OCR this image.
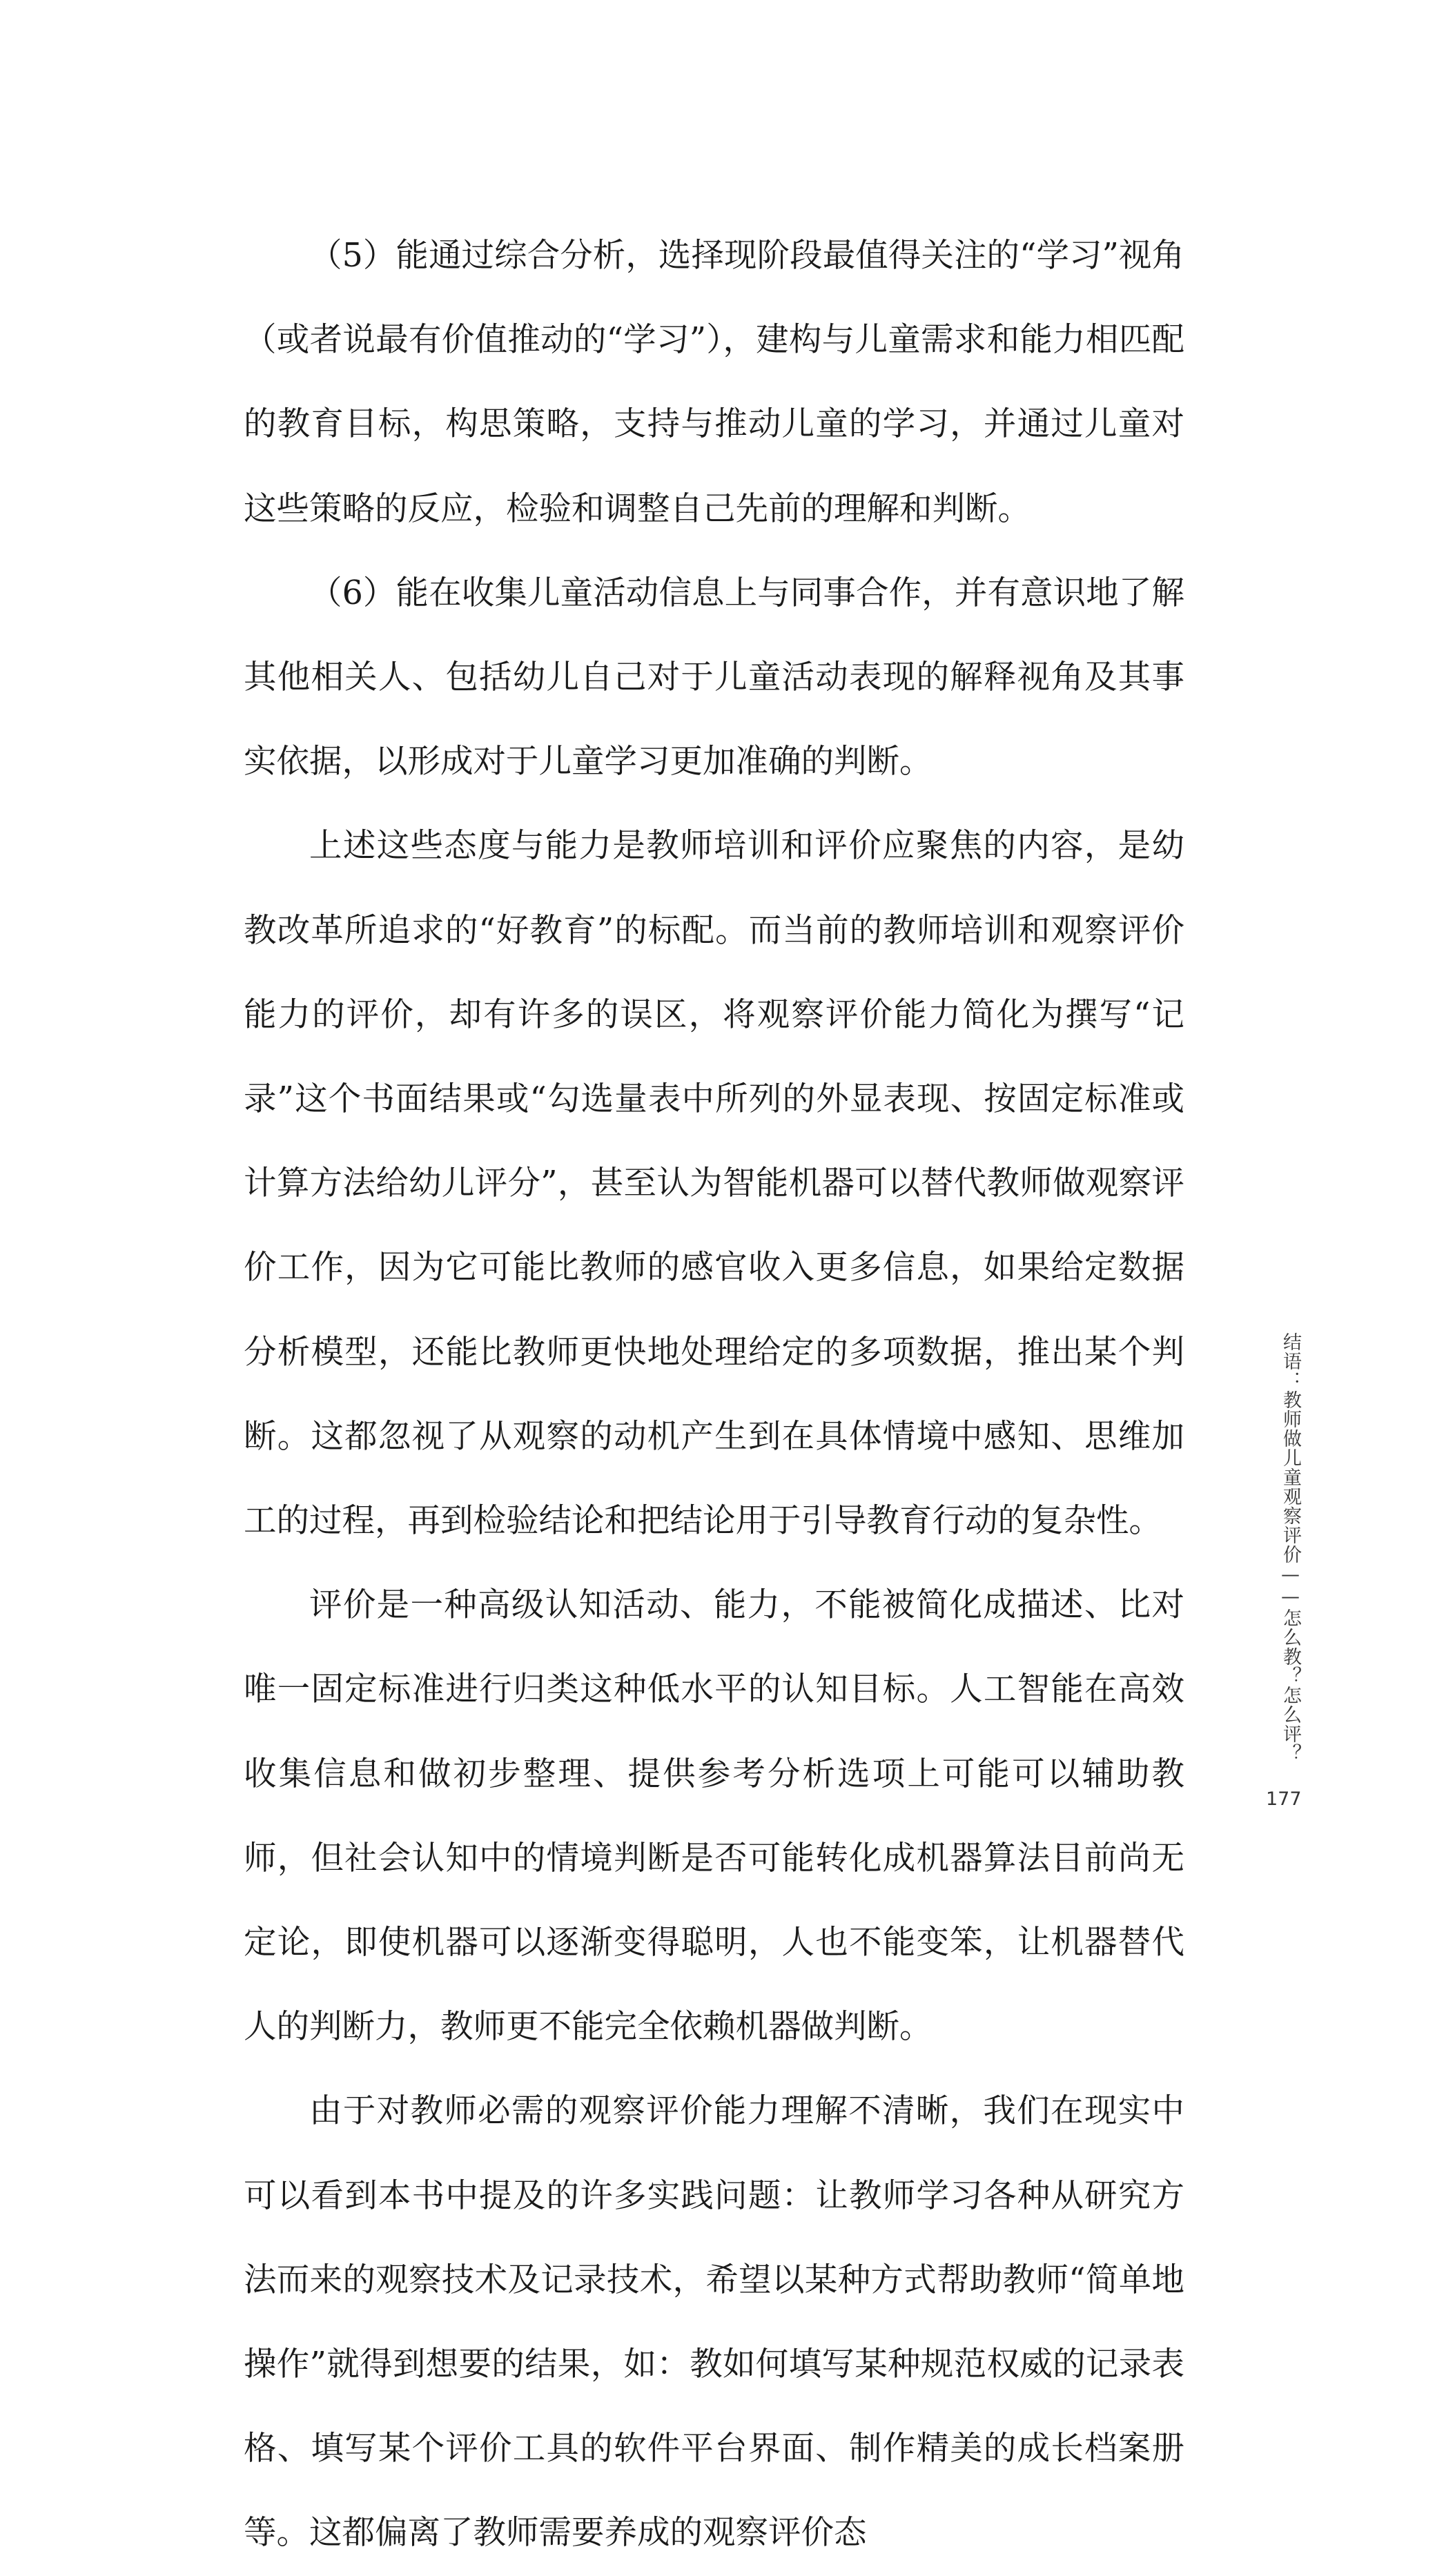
（5）能通过综合分析，选择现阶段最值得关注的“学习”视角（或者说最有价值推动的“学习”），建构与儿童需求和能力相匹配的教育目标，构思策略，支持与推动儿童的学习，并通过儿童对这些策略的反应，检验和调整自己先前的理解和判断。

（6）能在收集儿童活动信息上与同事合作，并有意识地了解其他相关人、包括幼儿自己对于儿童活动表现的解释视角及其事实依据，以形成对于儿童学习更加准确的判断。

上述这些态度与能力是教师培训和评价应聚焦的内容，是幼教改革所追求的“好教育”的标配。而当前的教师培训和观察评价能力的评价，却有许多的误区，将观察评价能力简化为撰写“记录”这个书面结果或“勾选量表中所列的外显表现、按固定标准或计算方法给幼儿评分”，甚至认为智能机器可以替代教师做观察评价工作，因为它可能比教师的感官收入更多信息，如果给定数据分析模型，还能比教师更快地处理给定的多项数据，推出某个判断。这都忽视了从观察的动机产生到在具体情境中感知、思维加工的过程，再到检验结论和把结论用于引导教育行动的复杂性。

评价是一种高级认知活动、能力，不能被简化成描述、比对唯一固定标准进行归类这种低水平的认知目标。人工智能在高效收集信息和做初步整理、提供参考分析选项上可能可以辅助教师，但社会认知中的情境判断是否可能转化成机器算法目前尚无定论，即使机器可以逐渐变得聪明，人也不能变笨，让机器替代人的判断力，教师更不能完全依赖机器做判断。

由于对教师必需的观察评价能力理解不清晰，我们在现实中可以看到本书中提及的许多实践问题：让教师学习各种从研究方法而来的观察技术及记录技术，希望以某种方式帮助教师“简单地操作”就得到想要的结果，如：教如何填写某种规范权威的记录表格、填写某个评价工具的软件平台界面、制作精美的成长档案册等。这都偏离了教师需要养成的观察评价态

结语：教师做儿童观察评价——怎么教？怎么评？
177
